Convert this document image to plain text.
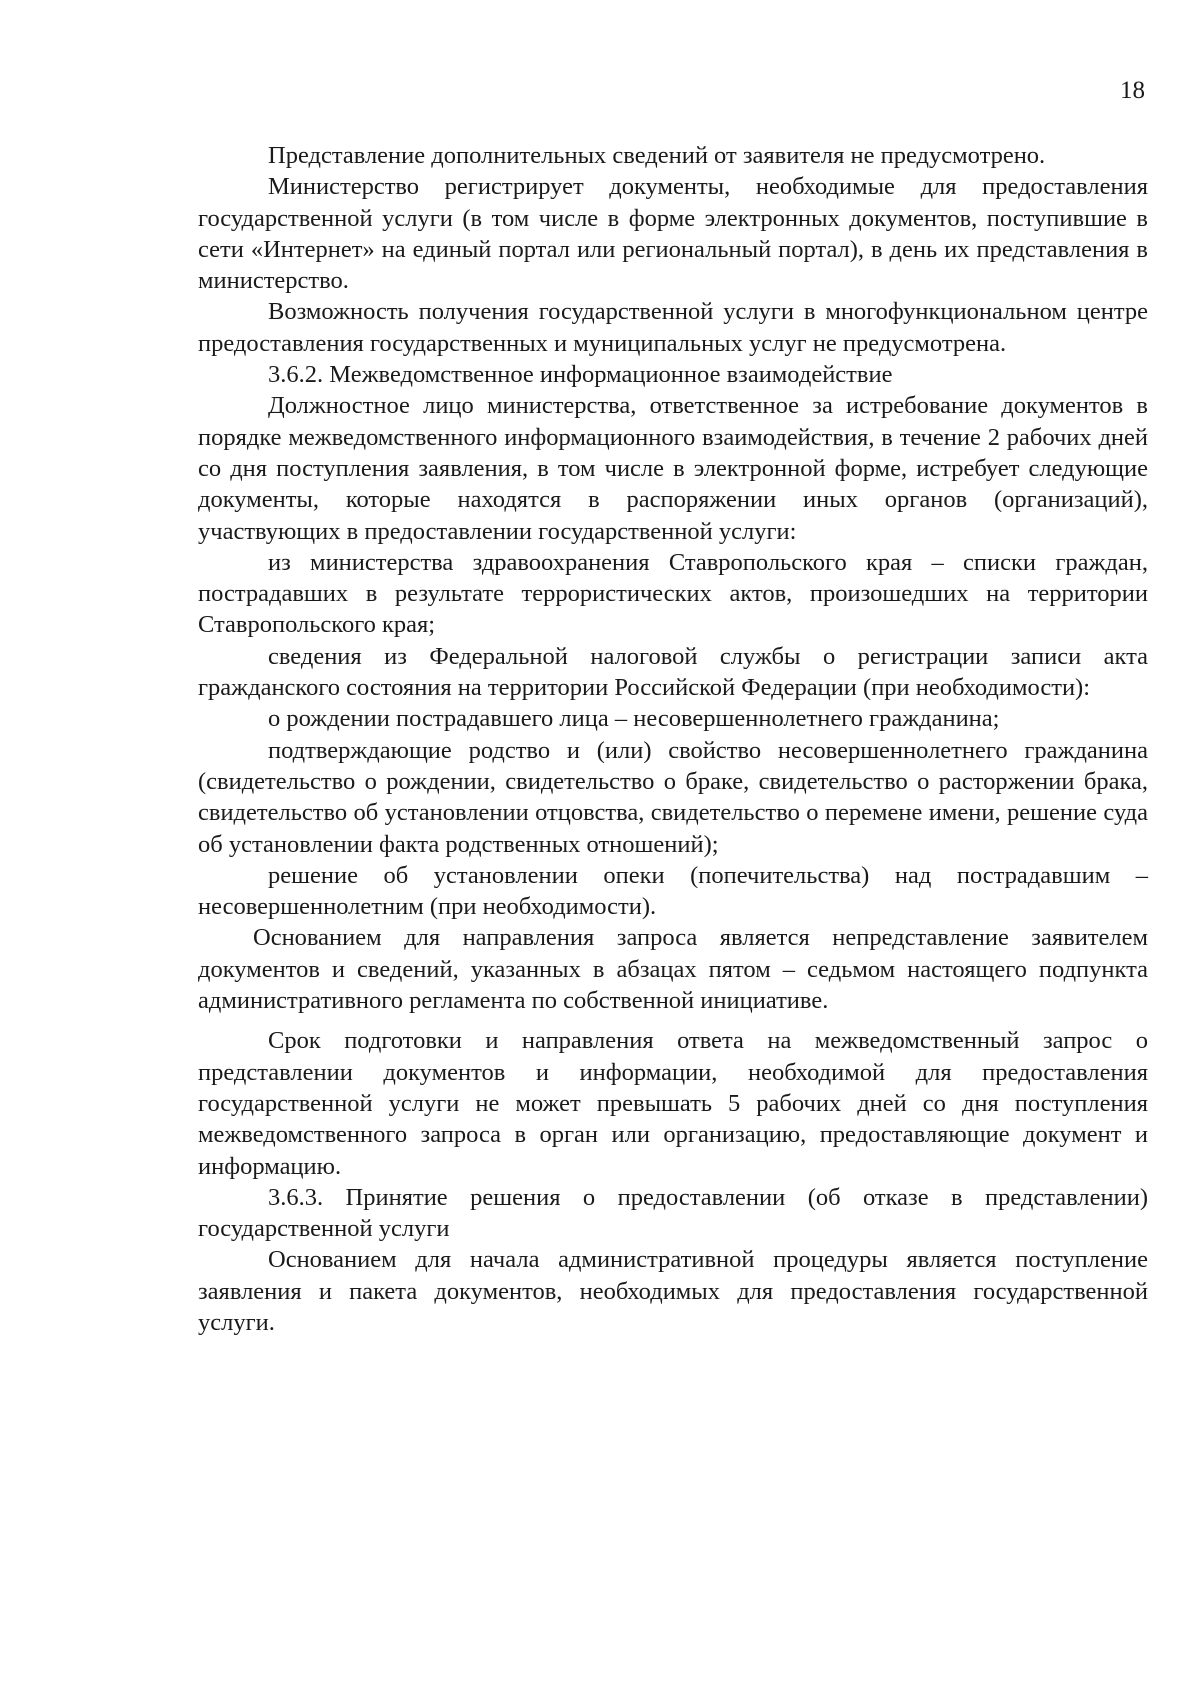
18

Представление дополнительных сведений от заявителя не предусмотрено.

Министерство регистрирует документы, необходимые для предоставления государственной услуги (в том числе в форме электронных документов, поступившие в сети «Интернет» на единый портал или региональный портал), в день их представления в министерство.

Возможность получения государственной услуги в многофункциональном центре предоставления государственных и муниципальных услуг не предусмотрена.

3.6.2. Межведомственное информационное взаимодействие

Должностное лицо министерства, ответственное за истребование документов в порядке межведомственного информационного взаимодействия, в течение 2 рабочих дней со дня поступления заявления, в том числе в электронной форме, истребует следующие документы, которые находятся в распоряжении иных органов (организаций), участвующих в предоставлении государственной услуги:

из министерства здравоохранения Ставропольского края – списки граждан, пострадавших в результате террористических актов, произошедших на территории Ставропольского края;

сведения из Федеральной налоговой службы о регистрации записи акта гражданского состояния на территории Российской Федерации (при необходимости):

о рождении пострадавшего лица – несовершеннолетнего гражданина;

подтверждающие родство и (или) свойство несовершеннолетнего гражданина (свидетельство о рождении, свидетельство о браке, свидетельство о расторжении брака, свидетельство об установлении отцовства, свидетельство о перемене имени, решение суда об установлении факта родственных отношений);

решение об установлении опеки (попечительства) над пострадавшим – несовершеннолетним (при необходимости).

Основанием для направления запроса является непредставление заявителем документов и сведений, указанных в абзацах пятом – седьмом настоящего подпункта административного регламента по собственной инициативе.

Срок подготовки и направления ответа на межведомственный запрос о представлении документов и информации, необходимой для предоставления государственной услуги не может превышать 5 рабочих дней со дня поступления межведомственного запроса в орган или организацию, предоставляющие документ и информацию.

3.6.3. Принятие решения о предоставлении (об отказе в представлении) государственной услуги

Основанием для начала административной процедуры является поступление заявления и пакета документов, необходимых для предоставления государственной услуги.
